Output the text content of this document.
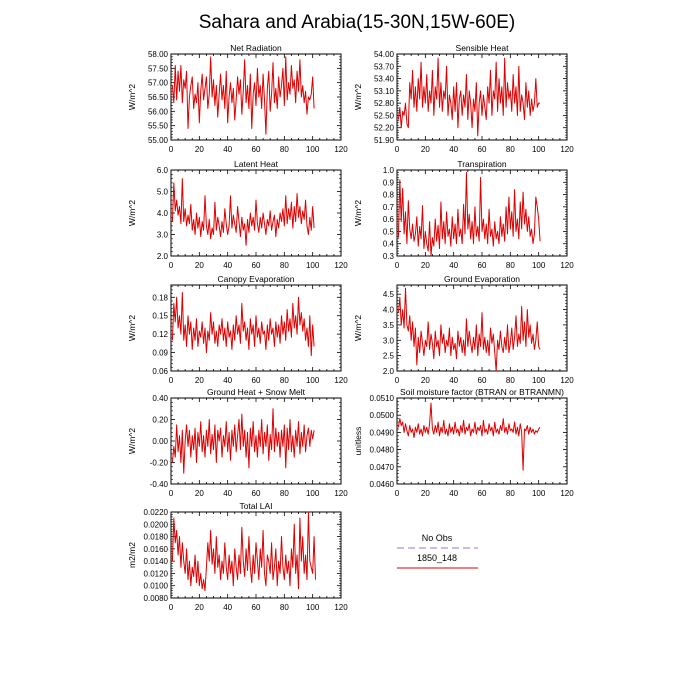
Sahara and Arabia(15-30N,15W-60E)
Net Radiation
0	20 40 60 80 100 120
55.00
55.50
56.00
56.50
57.00
57.50
58.00
W/m^2
Sensible Heat
0	20 40 60 80 100 120
51.90
52.20
52.50
52.80
53.10
53.40
53.70
54.00
W/m^2
Latent Heat
0	20 40 60 80 100 120
2.0
3.0
4.0
5.0
6.0
W/m^2
Transpiration
0	20 40 60 80 100 120
0.3
0.4
0.5
0.6
0.7
0.8
0.9
1.0
W/m^2
Canopy Evaporation
0	20 40 60 80 100 120
0.06
0.09
0.12
0.15
0.18
W/m^2
Ground Evaporation
0	20 40 60 80 100 120
2.0
2.5
3.0
3.5
4.0
4.5
W/m^2
Ground Heat + Snow Melt
0	20 40 60 80 100 120
-0.40
-0.20
0.00
0.20
0.40
W/m^2
Soil moisture factor (BTRAN or BTRANMN)
0	20 40 60 80 100 120
0.0460
0.0470
0.0480
0.0490
0.0500
0.0510
unitless
Total LAI
0	20 40 60 80 100 120
0.0080
0.0100
0.0120
0.0140
0.0160
0.0180
0.0200
0.0220
m2/m2
No Obs
1850_148
